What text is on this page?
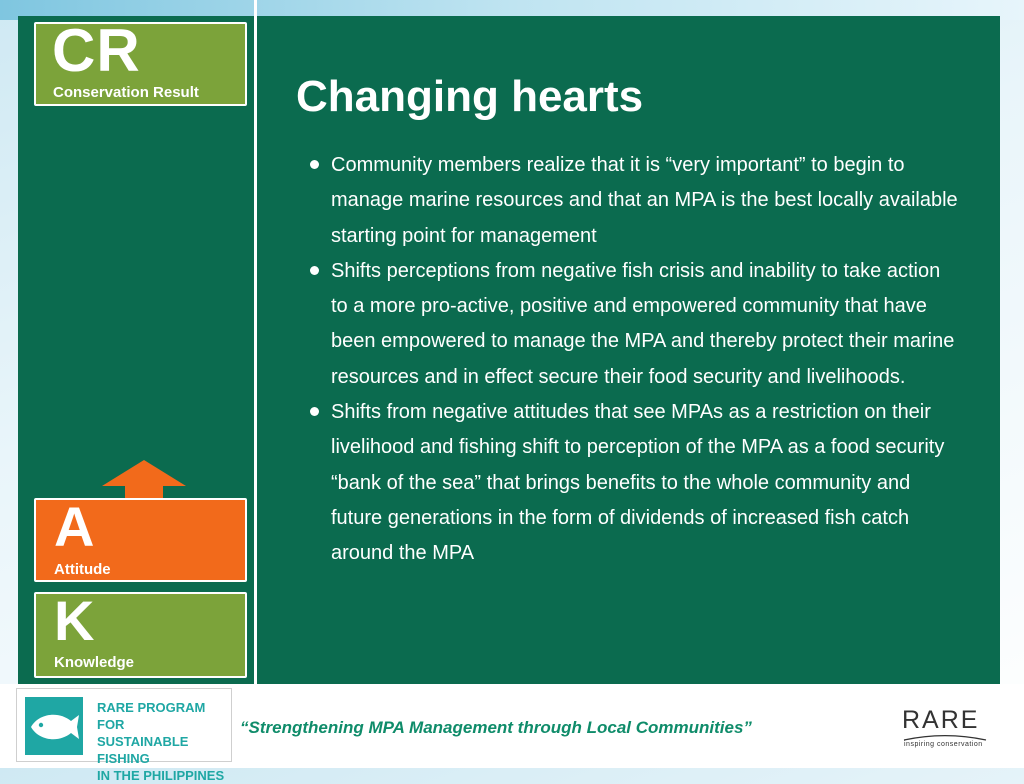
CR
Conservation Result
A
Attitude
K
Knowledge
Changing hearts
Community members realize that it is “very important” to begin to manage marine resources and that an MPA is the best locally available starting point for management
Shifts perceptions from negative fish crisis and inability to take action to a more pro-active, positive and empowered community that have been empowered to manage the MPA and thereby protect their marine resources and in effect secure their food security and livelihoods.
Shifts from negative attitudes that see MPAs as a restriction on their livelihood and fishing shift to perception of the MPA as a food security “bank of the sea” that brings benefits to the whole community and future generations in the form of dividends of increased fish catch around the MPA
RARE PROGRAM FOR
SUSTAINABLE FISHING
IN THE PHILIPPINES
“Strengthening MPA Management through Local Communities”	RARE
inspiring conservation
